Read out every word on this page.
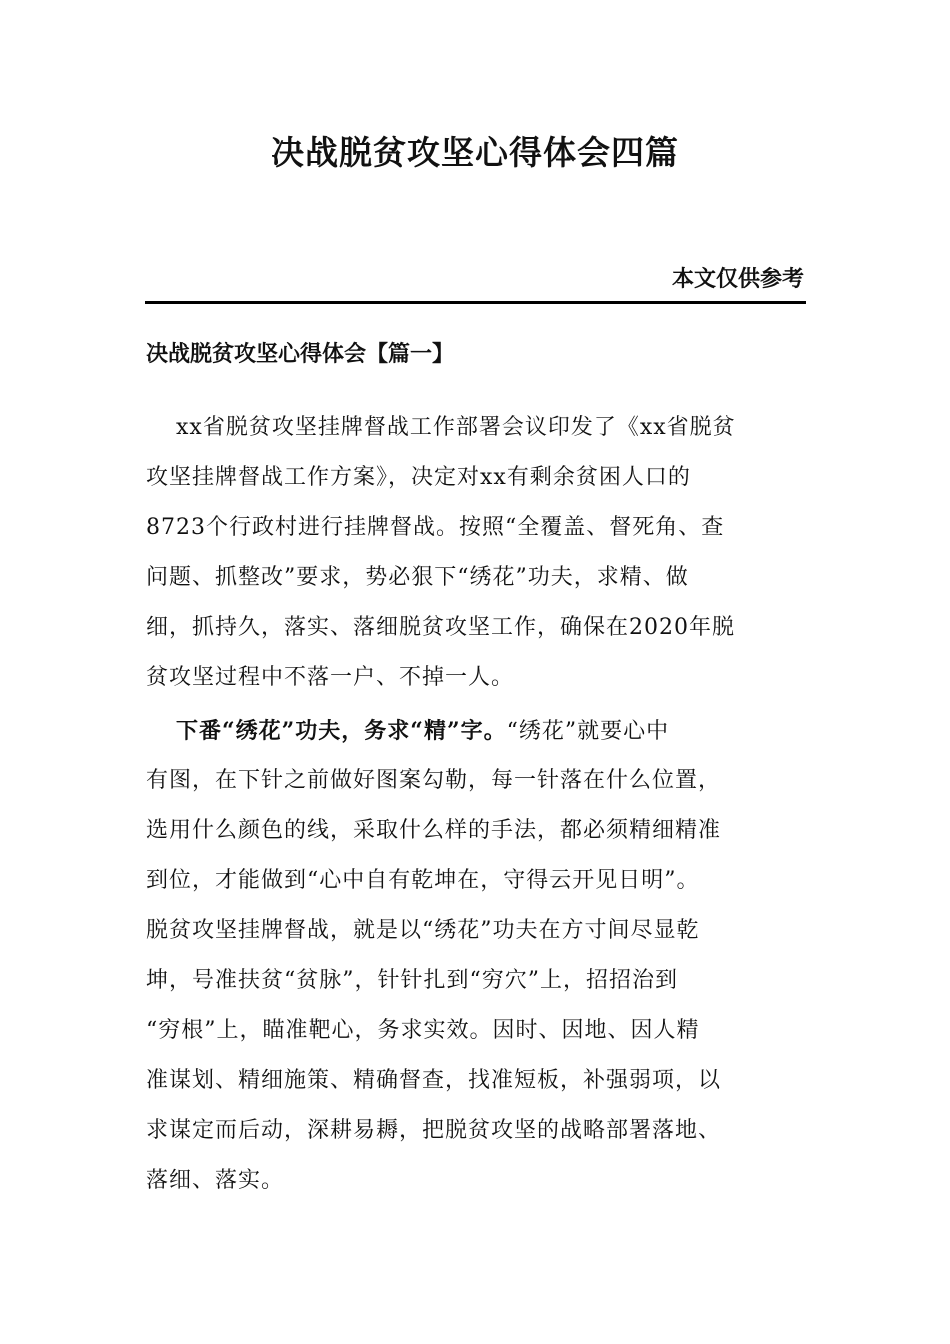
决战脱贫攻坚心得体会四篇

本文仅供参考

决战脱贫攻坚心得体会【篇一】
xx省脱贫攻坚挂牌督战工作部署会议印发了《xx省脱贫
攻坚挂牌督战工作方案》，决定对xx有剩余贫困人口的
8723个行政村进行挂牌督战。按照“全覆盖、督死角、查
问题、抓整改”要求，势必狠下“绣花”功夫，求精、做
细，抓持久，落实、落细脱贫攻坚工作，确保在2020年脱
贫攻坚过程中不落一户、不掉一人。
下番“绣花”功夫，务求“精”字。“绣花”就要心中
有图，在下针之前做好图案勾勒，每一针落在什么位置，
选用什么颜色的线，采取什么样的手法，都必须精细精准
到位，才能做到“心中自有乾坤在，守得云开见日明”。
脱贫攻坚挂牌督战，就是以“绣花”功夫在方寸间尽显乾
坤，号准扶贫“贫脉”，针针扎到“穷穴”上，招招治到
“穷根”上，瞄准靶心，务求实效。因时、因地、因人精
准谋划、精细施策、精确督查，找准短板，补强弱项，以
求谋定而后动，深耕易耨，把脱贫攻坚的战略部署落地、
落细、落实。
